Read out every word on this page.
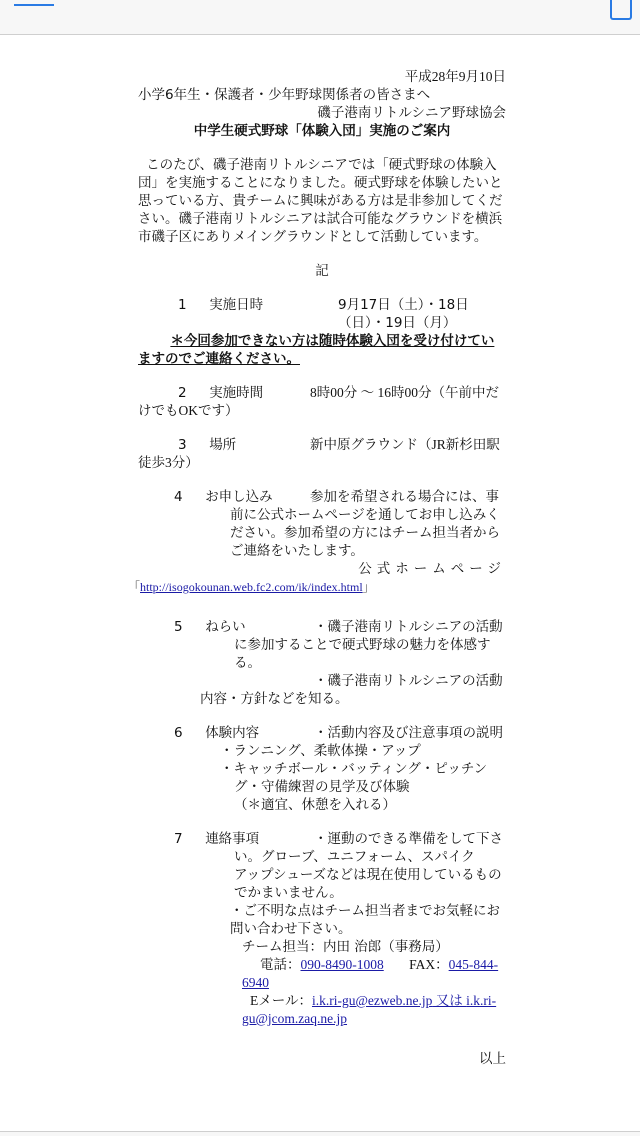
平成28年9月10日
小学6年生・保護者・少年野球関係者の皆さまへ
磯子港南リトルシニア野球協会
中学生硬式野球「体験入団」実施のご案内
このたび、磯子港南リトルシニアでは「硬式野球の体験入団」を実施することになりました。硬式野球を体験したいと思っている方、貴チームに興味がある方は是非参加してください。磯子港南リトルシニアは試合可能なグラウンドを横浜市磯子区にありメイングラウンドとして活動しています。
記
1 実施日時	9月17日（土）・18日（日）・19日（月）
＊今回参加できない方は随時体験入団を受け付けていますのでご連絡ください。
2 実施時間	8時00分 ～ 16時00分（午前中だけでもOKです）
3 場所	新中原グラウンド（JR新杉田駅徒歩3分）
4 お申し込み	参加を希望される場合には、事前に公式ホームページを通してお申し込みください。参加希望の方にはチーム担当者からご連絡をいたします。
公式ホームページ
「http://isogokounan.web.fc2.com/ik/index.html」
5 ねらい	・磯子港南リトルシニアの活動に参加することで硬式野球の魅力を体感する。
・磯子港南リトルシニアの活動内容・方針などを知る。
6 体験内容	・活動内容及び注意事項の説明
・ランニング、柔軟体操・アップ
・キャッチボール・バッティング・ピッチング・守備練習の見学及び体験
（＊適宜、休憩を入れる）
7 連絡事項	・運動のできる準備をして下さい。グローブ、ユニフォーム、スパイク
アップシューズなどは現在使用しているものでかまいません。
・ご不明な点はチーム担当者までお気軽にお問い合わせ下さい。
チーム担当：内田 治郎（事務局）
電話：090-8490-1008 FAX：045-844-6940
Eメール：i.k.ri-gu@ezweb.ne.jp 又は i.k.ri-gu@jcom.zaq.ne.jp
以上
